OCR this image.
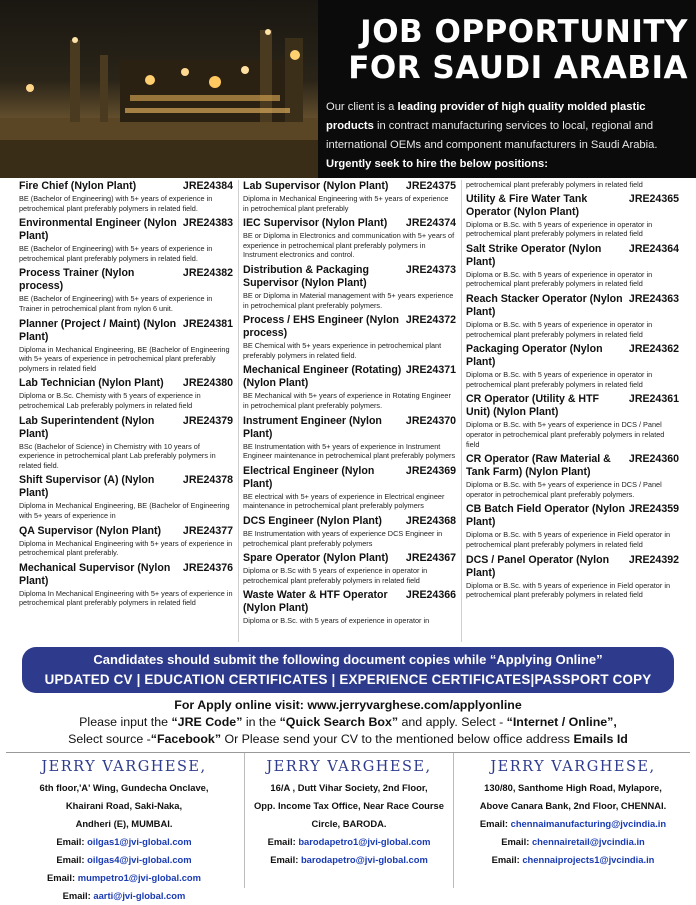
JOB OPPORTUNITY
FOR SAUDI ARABIA
Our client is a leading provider of high quality molded plastic products in contract manufacturing services to local, regional and international OEMs and component manufacturers in Saudi Arabia. Urgently seek to hire the below positions:
Fire Chief (Nylon Plant)	JRE24384
BE (Bachelor of Engineering) with 5+ years of experience in petrochemical plant preferably polymers in related field.
Environmental Engineer (Nylon Plant)
JRE24383
BE (Bachelor of Engineering) with 5+ years of experience in petrochemical plant preferably polymers in related field.
Process Trainer (Nylon process)
JRE24382
BE (Bachelor of Engineering) with 5+ years of experience in Trainer in petrochemical plant from nylon 6 unit.
Planner (Project / Maint) (Nylon Plant)
JRE24381
Diploma in Mechanical Engineering, BE (Bachelor of Engineering with 5+ years of experience in petrochemical plant preferably polymers in related field
Lab Technician (Nylon Plant)	JRE24380
Diploma or B.Sc. Chemisty with 5 years of experience in petrochemical Lab preferably polymers in related field
Lab Superintendent (Nylon Plant)
JRE24379
BSc (Bachelor of Science) in Chemistry with 10 years of experience in petrochemical plant Lab preferably polymers in related field.
Shift Supervisor (A) (Nylon Plant)
JRE24378
Diploma in Mechanical Engineering, BE (Bachelor of Engineering with 5+ years of experience in
QA Supervisor (Nylon Plant)	JRE24377
Diploma in Mechanical Engineering with 5+ years of experience in petrochemical plant preferably.
Mechanical Supervisor (Nylon Plant)
JRE24376
Diploma In Mechanical Engineering with 5+ years of experience in petrochemical plant preferably polymers in related field
Lab Supervisor (Nylon Plant)	JRE24375
Diploma in Mechanical Engineering with 5+ years of experience in petrochemical plant preferably
IEC Supervisor (Nylon Plant)	JRE24374
BE or Diploma in Electronics and communication with 5+ years of experience in petrochemical plant preferably polymers in Instrument electronics and control.
Distribution & Packaging Supervisor (Nylon Plant)
JRE24373
BE or Diploma in Material management with 5+ years experience in petrochemical plant preferably polymers.
Process / EHS Engineer (Nylon process)
JRE24372
BE Chemical with 5+ years experience in petrochemical plant preferably polymers in related field.
Mechanical Engineer (Rotating) (Nylon Plant)
JRE24371
BE Mechanical with 5+ years of experience in Rotating Engineer in petrochemical plant preferably polymers.
Instrument Engineer (Nylon Plant)
JRE24370
BE Instrumentation with 5+ years of experience in Instrument Engineer maintenance in petrochemical plant preferably polymers
Electrical Engineer (Nylon Plant)
JRE24369
BE electrical with 5+ years of experience in Electrical engineer maintenance in petrochemical plant preferably polymers
DCS Engineer (Nylon Plant)	JRE24368
BE Instrumentation with years of experience DCS Engineer in petrochemical plant preferably polymers
Spare Operator (Nylon Plant)	JRE24367
Diploma or B.Sc with 5 years of experience in operator in petrochemical plant preferably polymers in related field
Waste Water & HTF Operator (Nylon Plant)
JRE24366
Diploma or B.Sc. with 5 years of experience in operator in
petrochemical plant preferably polymers in related field
Utility & Fire Water Tank Operator (Nylon Plant)
JRE24365
Diploma or B.Sc. with 5 years of experience in operator in petrochemical plant preferably polymers in related field
Salt Strike Operator (Nylon Plant)
JRE24364
Diploma or B.Sc. with 5 years of experience in operator in petrochemical plant preferably polymers in related field
Reach Stacker Operator (Nylon Plant)
JRE24363
Diploma or B.Sc. with 5 years of experience in operator in petrochemical plant preferably polymers in related field
Packaging Operator (Nylon Plant)
JRE24362
Diploma or B.Sc. with 5 years of experience in operator in petrochemical plant preferably polymers in related field
CR Operator (Utility & HTF Unit) (Nylon Plant)
JRE24361
Diploma or B.Sc. with 5+ years of experience in DCS / Panel operator in petrochemical plant preferably polymers in related field
CR Operator (Raw Material & Tank Farm) (Nylon Plant)
JRE24360
Diploma or B.Sc. with 5+ years of experience in DCS / Panel operator in petrochemical plant preferably polymers.
CB Batch Field Operator (Nylon Plant)
JRE24359
Diploma or B.Sc. with 5 years of experience in Field operator in petrochemical plant preferably polymers in related field
DCS / Panel Operator (Nylon Plant)
JRE24392
Diploma or B.Sc. with 5 years of experience in Field operator in petrochemical plant preferably polymers in related field
Candidates should submit the following document copies while “Applying Online”
UPDATED CV | EDUCATION CERTIFICATES | EXPERIENCE CERTIFICATES|PASSPORT COPY
For Apply online visit: www.jerryvarghese.com/applyonline
Please input the “JRE Code” in the “Quick Search Box” and apply. Select - “Internet / Online”,
Select source -“Facebook” Or Please send your CV to the mentioned below office address Emails Id
JERRY VARGHESE,
6th floor,'A' Wing, Gundecha Onclave,
Khairani Road, Saki-Naka,
Andheri (E), MUMBAI.
Email: oilgas1@jvi-global.com
Email: oilgas4@jvi-global.com
Email: mumpetro1@jvi-global.com
Email: aarti@jvi-global.com
JERRY VARGHESE,
16/A , Dutt Vihar Society, 2nd Floor,
Opp. Income Tax Office, Near Race Course
Circle, BARODA.
Email: barodapetro1@jvi-global.com
Email: barodapetro@jvi-global.com
JERRY VARGHESE,
130/80, Santhome High Road, Mylapore,
Above Canara Bank, 2nd Floor, CHENNAI.
Email: chennaimanufacturing@jvcindia.in
Email: chennairetail@jvcindia.in
Email: chennaiprojects1@jvcindia.in
